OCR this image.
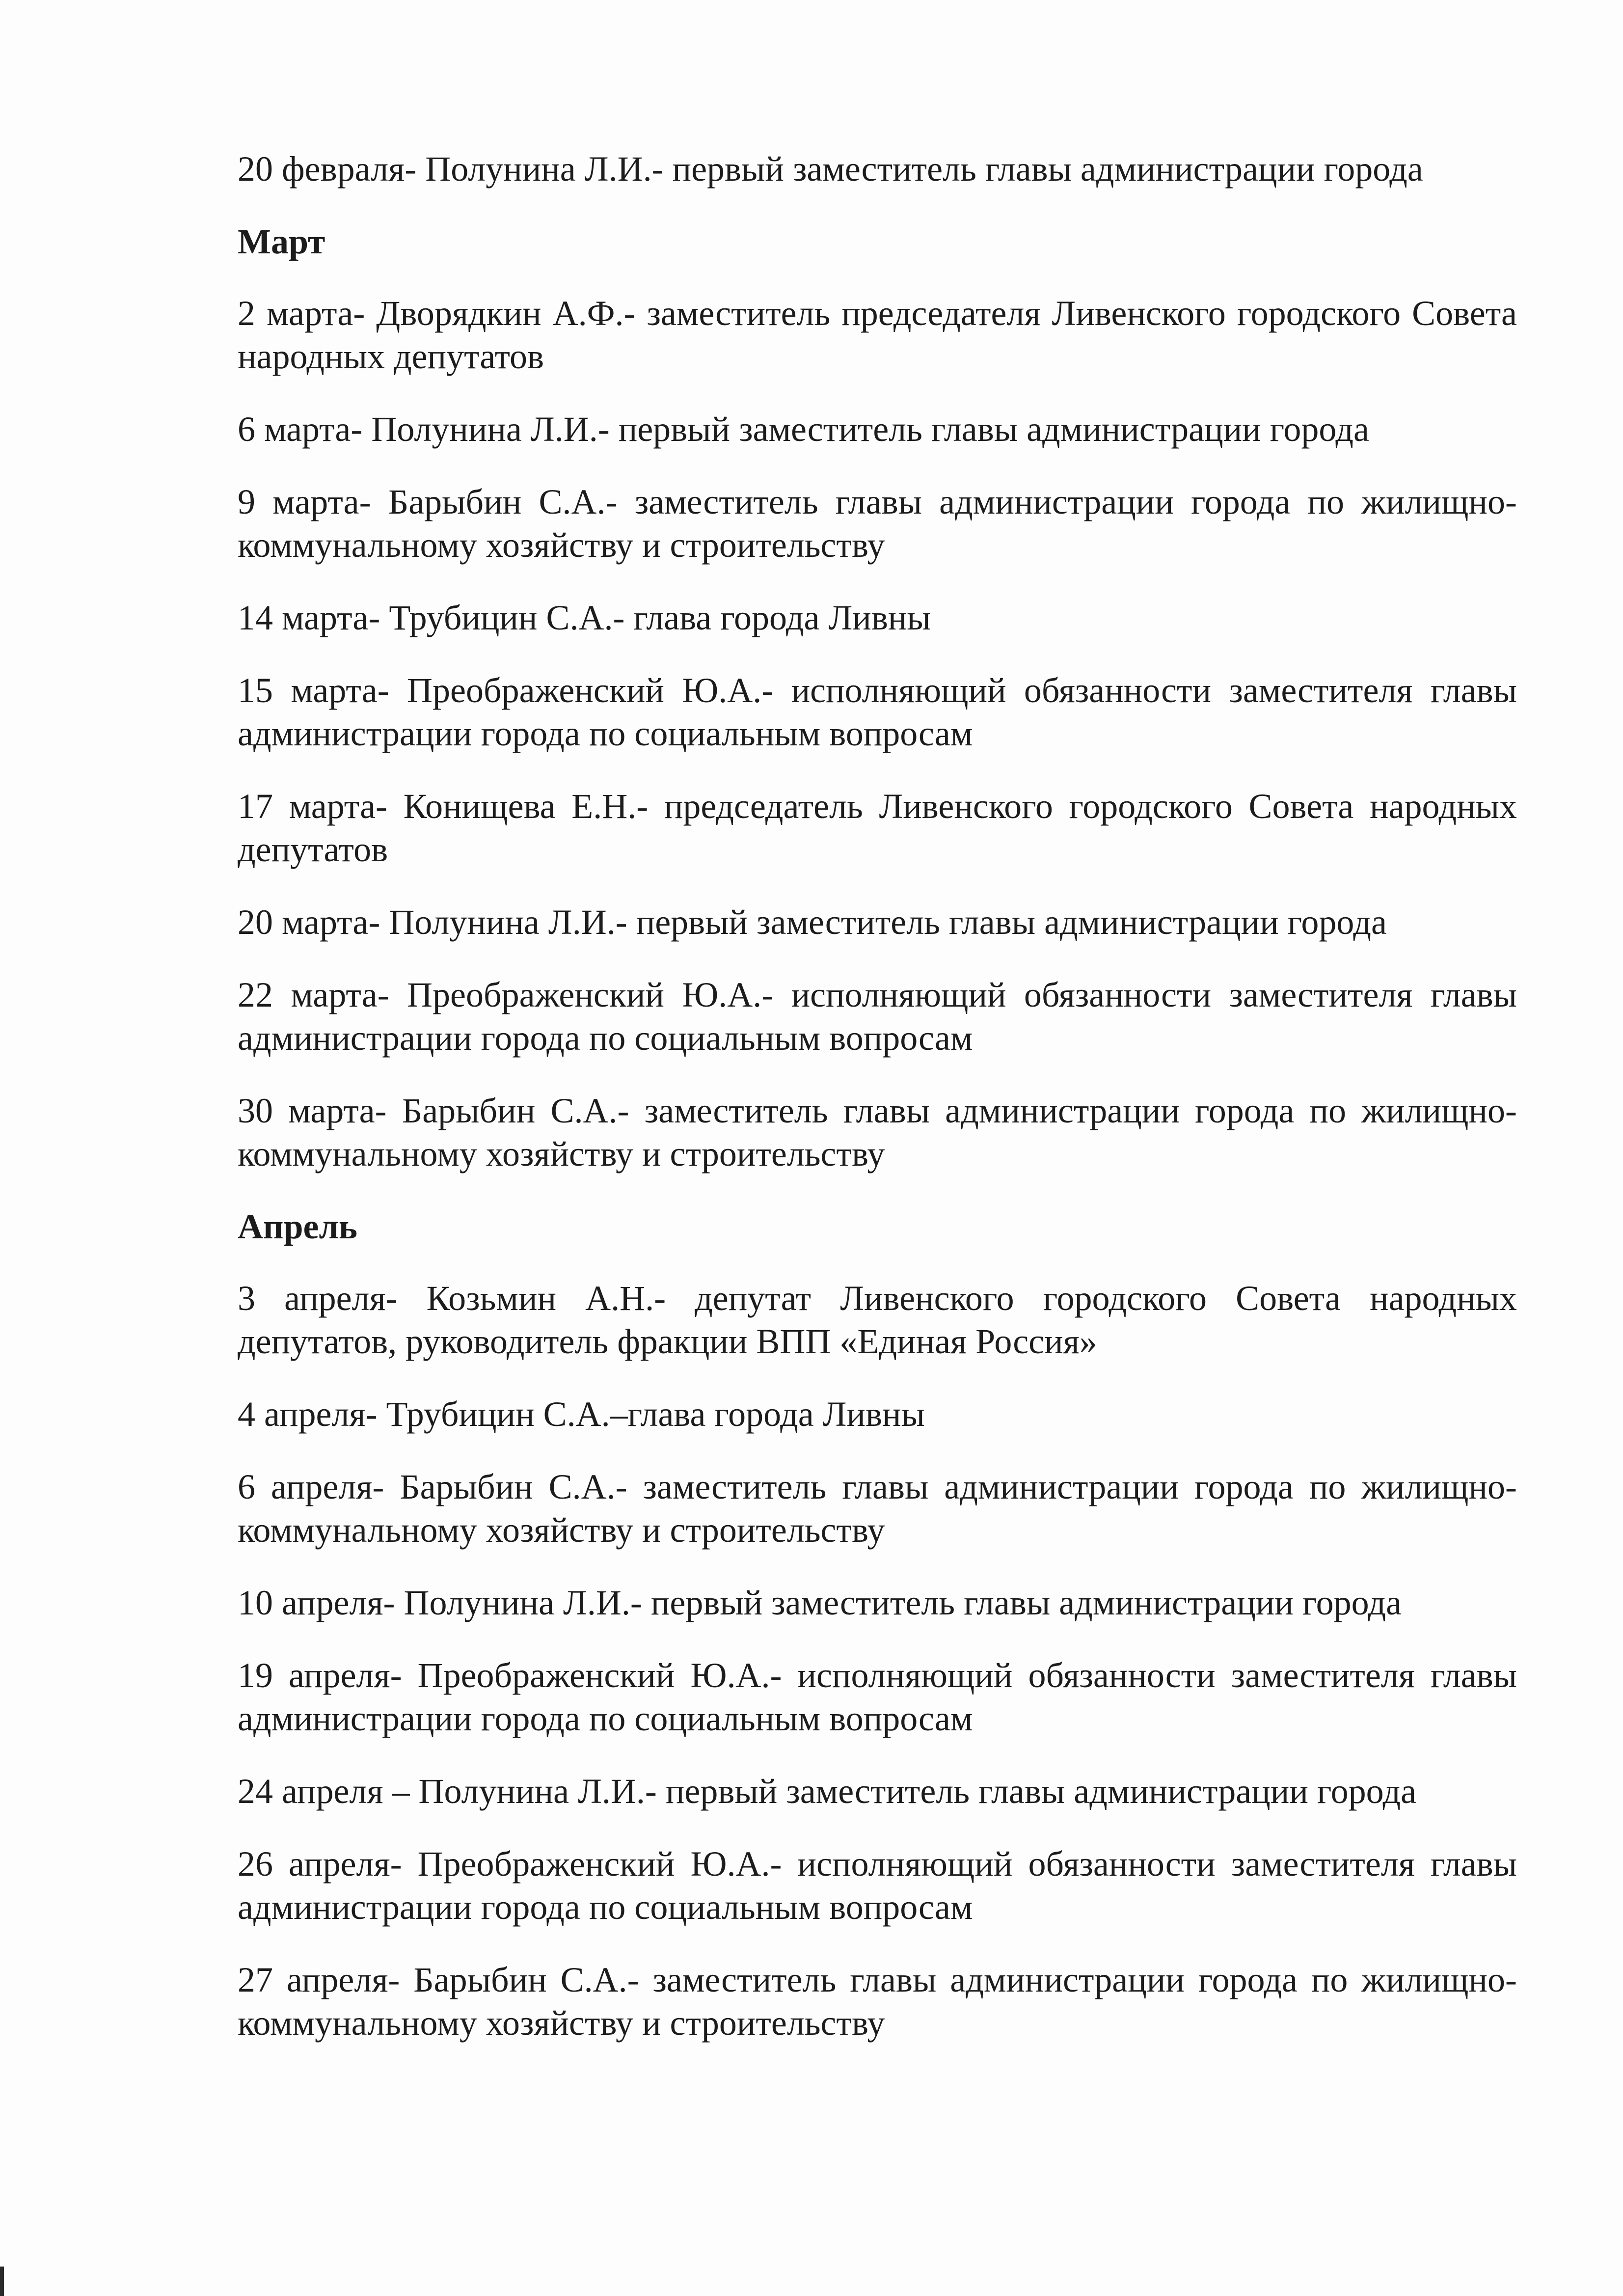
20 февраля- Полунина Л.И.- первый заместитель главы администрации города

Март

2 марта- Дворядкин А.Ф.- заместитель председателя Ливенского городского Совета народных депутатов

6 марта- Полунина Л.И.- первый заместитель главы администрации города

9 марта- Барыбин С.А.- заместитель главы администрации города по жилищно-коммунальному хозяйству и строительству

14 марта- Трубицин С.А.- глава города Ливны

15 марта- Преображенский Ю.А.- исполняющий обязанности заместителя главы администрации города по социальным вопросам

17 марта- Конищева Е.Н.- председатель Ливенского городского Совета народных депутатов

20 марта- Полунина Л.И.- первый заместитель главы администрации города

22 марта- Преображенский Ю.А.- исполняющий обязанности заместителя главы администрации города по социальным вопросам

30 марта- Барыбин С.А.- заместитель главы администрации города по жилищно-коммунальному хозяйству и строительству

Апрель

3 апреля- Козьмин А.Н.- депутат Ливенского городского Совета народных депутатов, руководитель фракции ВПП «Единая Россия»

4 апреля- Трубицин С.А.–глава города Ливны

6 апреля- Барыбин С.А.- заместитель главы администрации города по жилищно-коммунальному хозяйству и строительству

10 апреля- Полунина Л.И.- первый заместитель главы администрации города

19 апреля- Преображенский Ю.А.- исполняющий обязанности заместителя главы администрации города по социальным вопросам

24 апреля – Полунина Л.И.- первый заместитель главы администрации города

26 апреля- Преображенский Ю.А.- исполняющий обязанности заместителя главы администрации города по социальным вопросам

27 апреля- Барыбин С.А.- заместитель главы администрации города по жилищно-коммунальному хозяйству и строительству
